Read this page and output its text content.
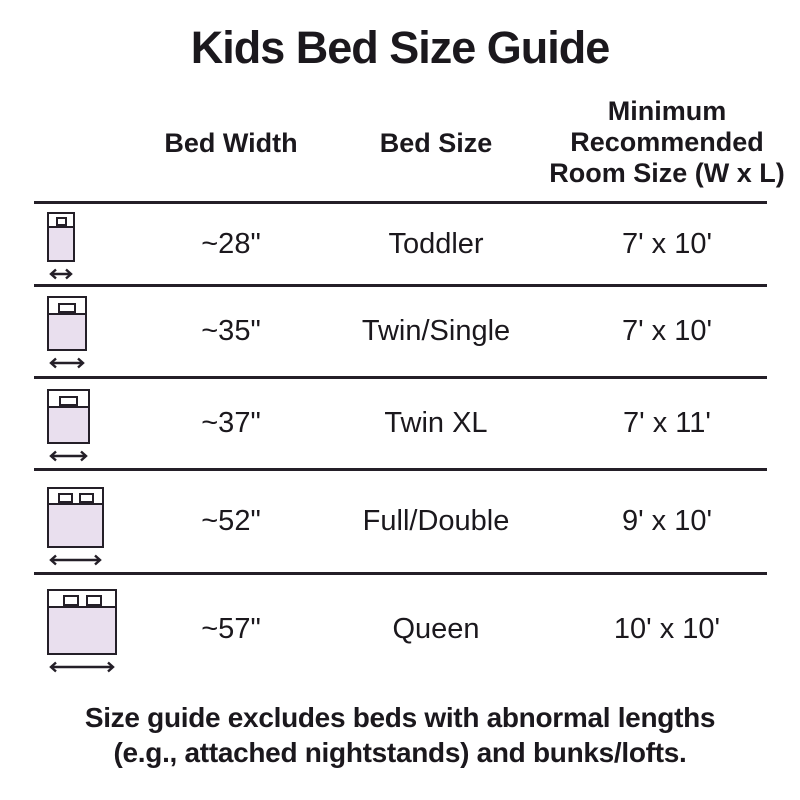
Kids Bed Size Guide
Bed Width	Bed Size
Minimum
Recommended
Room Size (W x L)
~28"	Toddler	7' x 10'
~35"	Twin/Single	7' x 10'
~37"	Twin XL	7' x 11'
~52"	Full/Double	9' x 10'
~57"	Queen	10' x 10'
Size guide excludes beds with abnormal lengths
(e.g., attached nightstands) and bunks/lofts.
